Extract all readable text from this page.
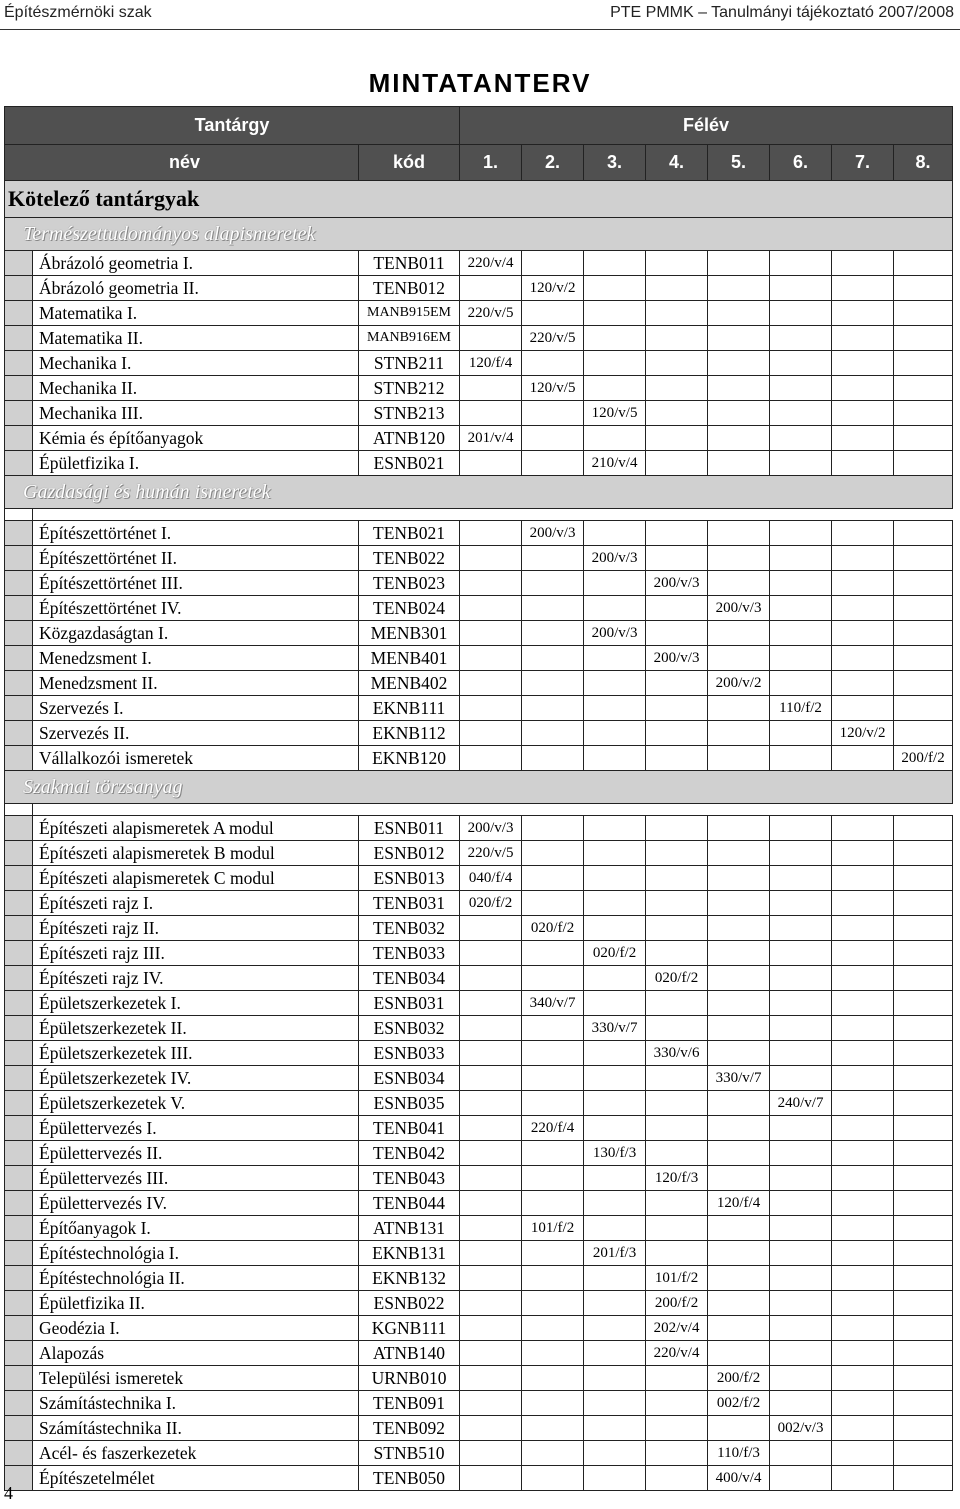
Építészmérnöki szak	PTE PMMK – Tanulmányi tájékoztató 2007/2008
MINTATANTERV
Tantárgy			Félév							
név		kód	1.	2.	3.	4.	5.	6.	7.	8.
Kötelező tantárgyak										
Természettudományos alapismeretek										
	Ábrázoló geometria I.	TENB011	220/v/4							
	Ábrázoló geometria II.	TENB012		120/v/2						
	Matematika I.	MANB915EM	220/v/5							
	Matematika II.	MANB916EM		220/v/5						
	Mechanika I.	STNB211	120/f/4							
	Mechanika II.	STNB212		120/v/5						
	Mechanika III.	STNB213			120/v/5					
	Kémia és építőanyagok	ATNB120	201/v/4							
	Épületfizika I.	ESNB021			210/v/4					
Gazdasági és humán ismeretek										

	Építészettörténet I.	TENB021		200/v/3						
	Építészettörténet II.	TENB022			200/v/3					
	Építészettörténet III.	TENB023				200/v/3				
	Építészettörténet IV.	TENB024					200/v/3			
	Közgazdaságtan I.	MENB301			200/v/3					
	Menedzsment I.	MENB401				200/v/3				
	Menedzsment II.	MENB402					200/v/2			
	Szervezés I.	EKNB111						110/f/2		
	Szervezés II.	EKNB112							120/v/2	
	Vállalkozói ismeretek	EKNB120								200/f/2
Szakmai törzsanyag										

	Építészeti alapismeretek A modul	ESNB011	200/v/3							
	Építészeti alapismeretek B modul	ESNB012	220/v/5							
	Építészeti alapismeretek C modul	ESNB013	040/f/4							
	Építészeti rajz I.	TENB031	020/f/2							
	Építészeti rajz II.	TENB032		020/f/2						
	Építészeti rajz III.	TENB033			020/f/2					
	Építészeti rajz IV.	TENB034				020/f/2				
	Épületszerkezetek I.	ESNB031		340/v/7						
	Épületszerkezetek II.	ESNB032			330/v/7					
	Épületszerkezetek III.	ESNB033				330/v/6				
	Épületszerkezetek IV.	ESNB034					330/v/7			
	Épületszerkezetek V.	ESNB035						240/v/7		
	Épülettervezés I.	TENB041		220/f/4						
	Épülettervezés II.	TENB042			130/f/3					
	Épülettervezés III.	TENB043				120/f/3				
	Épülettervezés IV.	TENB044					120/f/4			
	Építőanyagok I.	ATNB131		101/f/2						
	Építéstechnológia I.	EKNB131			201/f/3					
	Építéstechnológia II.	EKNB132				101/f/2				
	Épületfizika II.	ESNB022				200/f/2				
	Geodézia I.	KGNB111				202/v/4				
	Alapozás	ATNB140				220/v/4				
	Települési ismeretek	URNB010					200/f/2			
	Számítástechnika I.	TENB091					002/f/2			
	Számítástechnika II.	TENB092						002/v/3		
	Acél- és faszerkezetek	STNB510					110/f/3			
	Építészetelmélet	TENB050					400/v/4			
4
